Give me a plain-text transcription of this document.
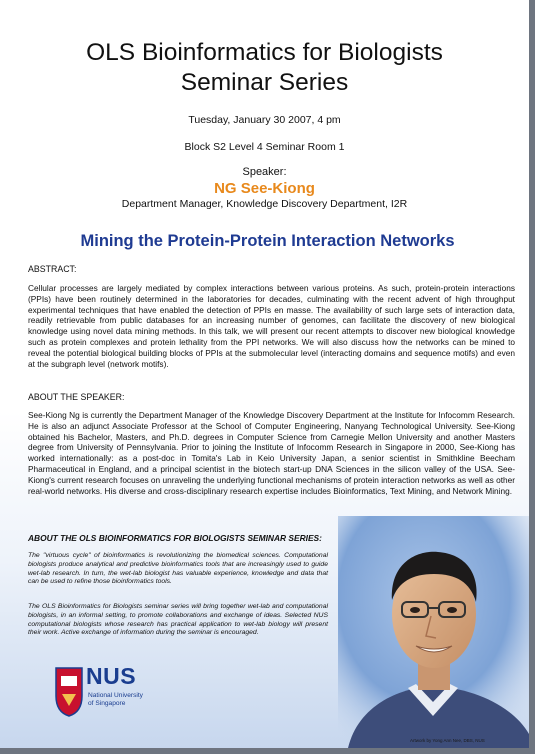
OLS Bioinformatics for Biologists
Seminar Series
Tuesday, January 30 2007, 4 pm
Block S2 Level 4 Seminar Room 1
Speaker:
NG See-Kiong
Department Manager, Knowledge Discovery Department, I2R
Mining the Protein-Protein Interaction Networks
ABSTRACT:

Cellular processes are largely mediated by complex interactions between various proteins. As such, protein-protein interactions (PPIs) have been routinely determined in the laboratories for decades, culminating with the recent advent of high throughput experimental techniques that have enabled the detection of PPIs en masse. The availability of such large sets of interaction data, readily retrievable from public databases for an increasing number of genomes, can facilitate the discovery of new biological knowledge using novel data mining methods. In this talk, we will present our recent attempts to discover new biological knowledge such as protein complexes and protein lethality from the PPI networks. We will also discuss how the networks can be mined to reveal the potential biological building blocks of PPIs at the submolecular level (interacting domains and sequence motifs) and even at the subgraph level (network motifs).

ABOUT THE SPEAKER:

See-Kiong Ng is currently the Department Manager of the Knowledge Discovery Department at the Institute for Infocomm Research. He is also an adjunct Associate Professor at the School of Computer Engineering, Nanyang Technological University. See-Kiong obtained his Bachelor, Masters, and Ph.D. degrees in Computer Science from Carnegie Mellon University and another Masters degree from University of Pennsylvania. Prior to joining the Institute of Infocomm Research in Singapore in 2000, See-Kiong has worked internationally: as a post-doc in Tomita's Lab in Keio University Japan, a senior scientist in Smithkline Beecham Pharmaceutical in England, and a principal scientist in the biotech start-up DNA Sciences in the silicon valley of the USA. See-Kiong's current research focuses on unraveling the underlying functional mechanisms of protein interaction networks as well as other real-world networks. His diverse and cross-disciplinary research expertise includes Bioinformatics, Text Mining, and Network Mining.

ABOUT THE OLS BIOINFORMATICS FOR BIOLOGISTS SEMINAR SERIES:

The "virtuous cycle" of bioinformatics is revolutionizing the biomedical sciences. Computational biologists produce analytical and predictive bioinformatics tools that are increasingly used to guide wet-lab research. In turn, the wet-lab biologist has valuable experience, knowledge and data that can be used to refine those bioinformatics tools.

The OLS Bioinformatics for Biologists seminar series will bring together wet-lab and computational biologists, in an informal setting, to promote collaborations and exchange of ideas. Selected NUS computational biologists whose research has practical application to wet-lab biology will present their work. Active exchange of information during the seminar is encouraged.

NUS
National University
of Singapore
Artwork by Yong Ann Nee, DBS, NUS
